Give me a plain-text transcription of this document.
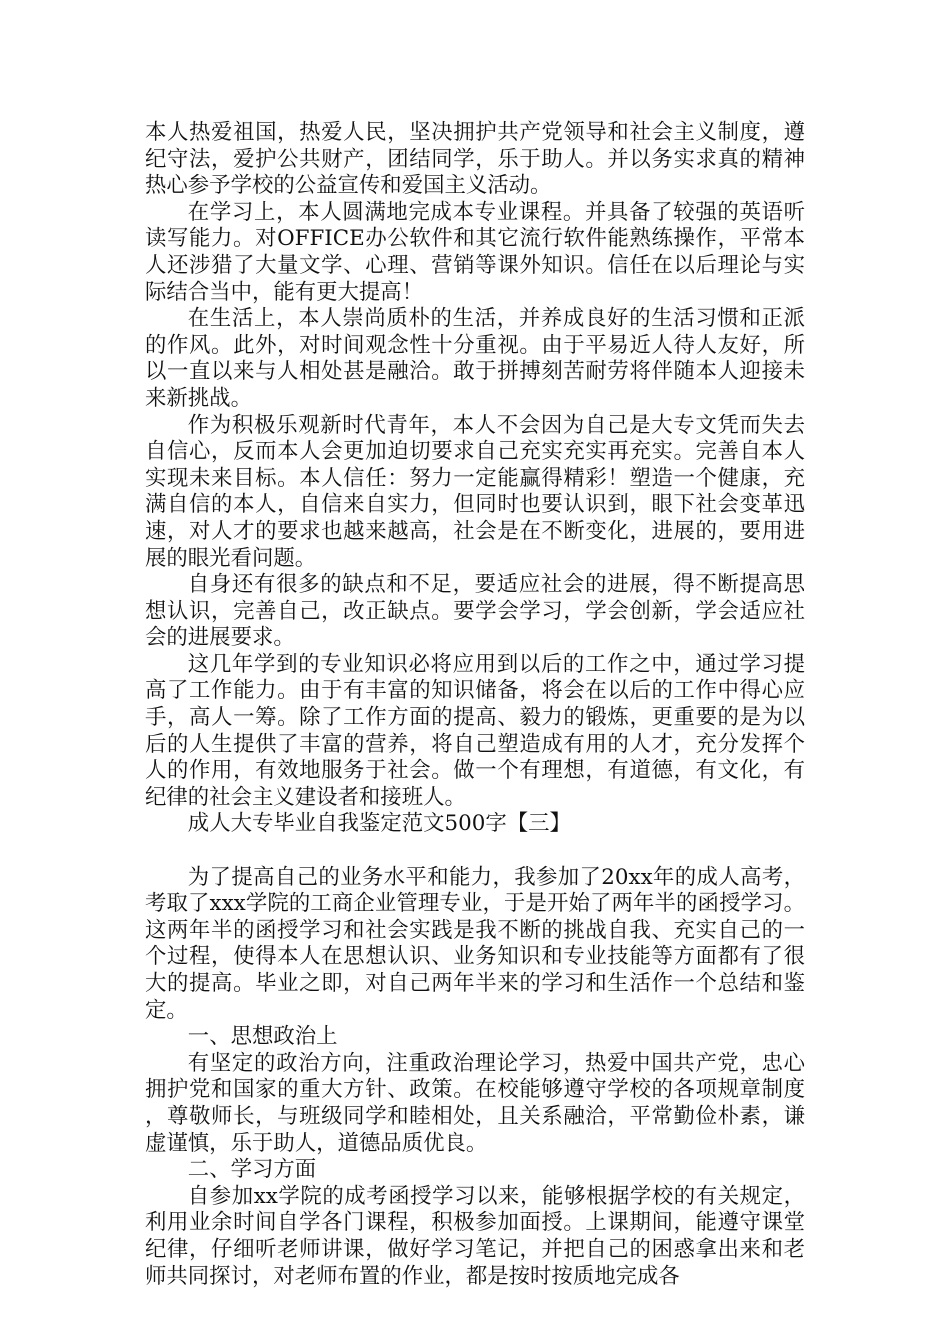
本人热爱祖国，热爱人民，坚决拥护共产党领导和社会主义制度，遵纪守法，爱护公共财产，团结同学，乐于助人。并以务实求真的精神热心参予学校的公益宣传和爱国主义活动。

在学习上，本人圆满地完成本专业课程。并具备了较强的英语听读写能力。对OFFICE办公软件和其它流行软件能熟练操作，平常本人还涉猎了大量文学、心理、营销等课外知识。信任在以后理论与实际结合当中，能有更大提高！

在生活上，本人崇尚质朴的生活，并养成良好的生活习惯和正派的作风。此外，对时间观念性十分重视。由于平易近人待人友好，所以一直以来与人相处甚是融洽。敢于拼搏刻苦耐劳将伴随本人迎接未来新挑战。

作为积极乐观新时代青年，本人不会因为自己是大专文凭而失去自信心，反而本人会更加迫切要求自己充实充实再充实。完善自本人实现未来目标。本人信任：努力一定能赢得精彩！塑造一个健康，充满自信的本人，自信来自实力，但同时也要认识到，眼下社会变革迅速，对人才的要求也越来越高，社会是在不断变化，进展的，要用进展的眼光看问题。

自身还有很多的缺点和不足，要适应社会的进展，得不断提高思想认识，完善自己，改正缺点。要学会学习，学会创新，学会适应社会的进展要求。

这几年学到的专业知识必将应用到以后的工作之中，通过学习提高了工作能力。由于有丰富的知识储备，将会在以后的工作中得心应手，高人一筹。除了工作方面的提高、毅力的锻炼，更重要的是为以后的人生提供了丰富的营养，将自己塑造成有用的人才，充分发挥个人的作用，有效地服务于社会。做一个有理想，有道德，有文化，有纪律的社会主义建设者和接班人。

成人大专毕业自我鉴定范文500字【三】

为了提高自己的业务水平和能力，我参加了20xx年的成人高考，考取了xxx学院的工商企业管理专业，于是开始了两年半的函授学习。这两年半的函授学习和社会实践是我不断的挑战自我、充实自己的一个过程，使得本人在思想认识、业务知识和专业技能等方面都有了很大的提高。毕业之即，对自己两年半来的学习和生活作一个总结和鉴定。

一、思想政治上

有坚定的政治方向，注重政治理论学习，热爱中国共产党，忠心拥护党和国家的重大方针、政策。在校能够遵守学校的各项规章制度，尊敬师长，与班级同学和睦相处，且关系融洽，平常勤俭朴素，谦虚谨慎，乐于助人，道德品质优良。

二、学习方面

自参加xx学院的成考函授学习以来，能够根据学校的有关规定，利用业余时间自学各门课程，积极参加面授。上课期间，能遵守课堂纪律，仔细听老师讲课，做好学习笔记，并把自己的困惑拿出来和老师共同探讨，对老师布置的作业，都是按时按质地完成各
